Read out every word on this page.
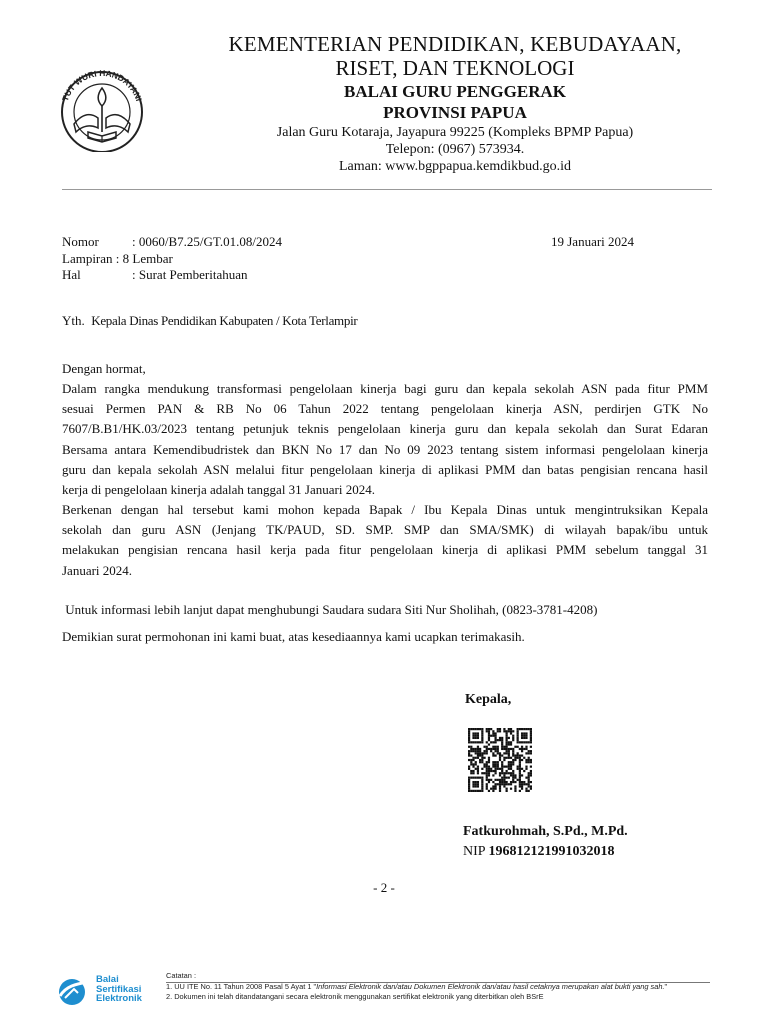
TUT WURI HANDAYANI
KEMENTERIAN PENDIDIKAN, KEBUDAYAAN,
RISET, DAN TEKNOLOGI
BALAI GURU PENGGERAK
PROVINSI PAPUA
Jalan Guru Kotaraja, Jayapura 99225 (Kompleks BPMP Papua)
Telepon: (0967) 573934.
Laman: www.bgppapua.kemdikbud.go.id
Nomor	: 0060/B7.25/GT.01.08/2024
Lampiran : 8 Lembar
Hal	: Surat Pemberitahuan
19 Januari 2024
Yth. Kepala Dinas Pendidikan Kabupaten / Kota Terlampir
Dengan hormat,
Dalam rangka mendukung transformasi pengelolaan kinerja bagi guru dan kepala sekolah ASN pada fitur PMM
sesuai Permen PAN & RB No 06 Tahun 2022 tentang pengelolaan kinerja ASN, perdirjen GTK No
7607/B.B1/HK.03/2023 tentang petunjuk teknis pengelolaan kinerja guru dan kepala sekolah dan Surat Edaran
Bersama antara Kemendibudristek dan BKN No 17 dan No 09 2023 tentang sistem informasi pengelolaan kinerja
guru dan kepala sekolah ASN melalui fitur pengelolaan kinerja di aplikasi PMM dan batas pengisian rencana hasil
kerja di pengelolaan kinerja adalah tanggal 31 Januari 2024.
Berkenan dengan hal tersebut kami mohon kepada Bapak / Ibu Kepala Dinas untuk mengintruksikan Kepala
sekolah dan guru ASN (Jenjang TK/PAUD, SD. SMP. SMP dan SMA/SMK) di wilayah bapak/ibu untuk
melakukan pengisian rencana hasil kerja pada fitur pengelolaan kinerja di aplikasi PMM sebelum tanggal 31
Januari 2024.
Untuk informasi lebih lanjut dapat menghubungi Saudara sudara Siti Nur Sholihah, (0823-3781-4208)
Demikian surat permohonan ini kami buat, atas kesediaannya kami ucapkan terimakasih.
Kepala,
Fatkurohmah, S.Pd., M.Pd.
NIP 196812121991032018
- 2 -
Balai
Sertifikasi
Elektronik
Catatan :
1. UU ITE No. 11 Tahun 2008 Pasal 5 Ayat 1 "Informasi Elektronik dan/atau Dokumen Elektronik dan/atau hasil cetaknya merupakan alat bukti yang sah."
2. Dokumen ini telah ditandatangani secara elektronik menggunakan sertifikat elektronik yang diterbitkan oleh BSrE
